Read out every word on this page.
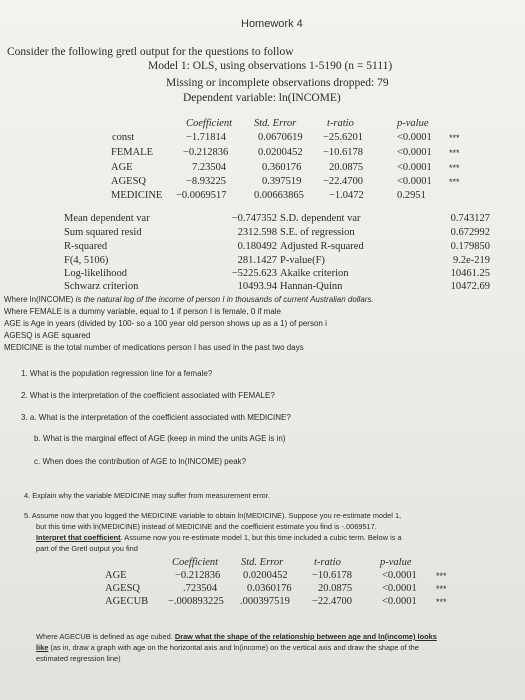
Homework 4
Consider the following gretl output for the questions to follow
Model 1: OLS, using observations 1-5190 (n = 5111)
Missing or incomplete observations dropped: 79
Dependent variable: ln(INCOME)
Coefficient Std. Error	t-ratio	p-value
const	−1.71814	0.0670619 −25.6201	<0.0001 ***
FEMALE	−0.212836	0.0200452 −10.6178	<0.0001 ***
AGE	7.23504	0.360176	20.0875	<0.0001 ***
AGESQ	−8.93225	0.397519 −22.4700	<0.0001 ***
MEDICINE −0.0069517	0.00663865 −1.0472	0.2951
Mean dependent var	−0.747352 S.D. dependent var	0.743127
Sum squared resid	2312.598 S.E. of regression	0.672992
R-squared	0.180492 Adjusted R-squared	0.179850
F(4, 5106)	281.1427 P-value(F)	9.2e-219
Log-likelihood	−5225.623 Akaike criterion	10461.25
Schwarz criterion	10493.94 Hannan-Quinn	10472.69
Where ln(INCOME) is the natural log of the income of person I in thousands of current Australian dollars.
Where FEMALE is a dummy variable, equal to 1 if person I is female, 0 if male
AGE is Age in years (divided by 100- so a 100 year old person shows up as a 1) of person i
AGESQ is AGE squared
MEDICINE is the total number of medications person I has used in the past two days
1. What is the population regression line for a female?
2. What is the interpretation of the coefficient associated with FEMALE?
3. a. What is the interpretation of the coefficient associated with MEDICINE?
b. What is the marginal effect of AGE (keep in mind the units AGE is in)
c. When does the contribution of AGE to ln(INCOME) peak?
4. Explain why the variable MEDICINE may suffer from measurement error.
5. Assume now that you logged the MEDICINE variable to obtain ln(MEDICINE). Suppose you re-estimate model 1,
but this time with ln(MEDICINE) instead of MEDICINE and the coefficient estimate you find is -.0069517.
Interpret that coefficient. Assume now you re-estimate model 1, but this time included a cubic term. Below is a
part of the Gretl output you find
Coefficient Std. Error	t-ratio	p-value
AGE	−0.212836 0.0200452 −10.6178	<0.0001 ***
AGESQ	.723504	0.0360176	20.0875	<0.0001 ***
AGECUB −.000893225 .000397519 −22.4700	<0.0001 ***
Where AGECUB is defined as age cubed. Draw what the shape of the relationship between age and ln(income) looks
like (as in, draw a graph with age on the horizontal axis and ln(income) on the vertical axis and draw the shape of the
estimated regression line)
